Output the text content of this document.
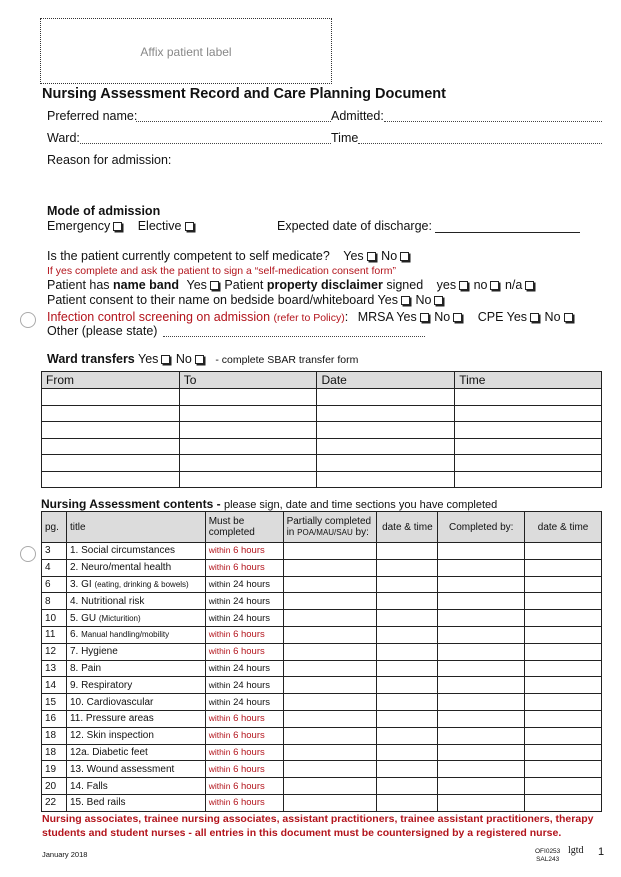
Affix patient label
Nursing Assessment Record and Care Planning Document
Preferred name:	Admitted:
Ward:	Time
Reason for admission:
Mode of admission
Emergency Elective	Expected date of discharge:
Is the patient currently competent to self medicate? Yes No
If yes complete and ask the patient to sign a “self-medication consent form”
Patient has name band Yes Patient property disclaimer signed yes no n/a
Patient consent to their name on bedside board/whiteboard Yes No
Infection control screening on admission (refer to Policy): MRSA Yes No CPE Yes No
Other (please state)
Ward transfers Yes No - complete SBAR transfer form
From	To	Date	Time

Nursing Assessment contents - please sign, date and time sections you have completed
pg.	title	Must be completed	Partially completed
in POA/MAU/SAU by:	date & time	Completed by:	date & time
3	1. Social circumstances	within 6 hours				
4	2. Neuro/mental health	within 6 hours				
6	3. GI (eating, drinking & bowels)	within 24 hours				
8	4. Nutritional risk	within 24 hours				
10	5. GU (Micturition)	within 24 hours				
11	6. Manual handling/mobility	within 6 hours				
12	7. Hygiene	within 6 hours				
13	8. Pain	within 24 hours				
14	9. Respiratory	within 24 hours				
15	10. Cardiovascular	within 24 hours				
16	11. Pressure areas	within 6 hours				
18	12. Skin inspection	within 6 hours				
18	12a. Diabetic feet	within 6 hours				
19	13. Wound assessment	within 6 hours				
20	14. Falls	within 6 hours				
22	15. Bed rails	within 6 hours				
Nursing associates, trainee nursing associates, assistant practitioners, trainee assistant practitioners, therapy students and student nurses - all entries in this document must be countersigned by a registered nurse.
January 2018	OFI0253
SAL243
lgtd 1
